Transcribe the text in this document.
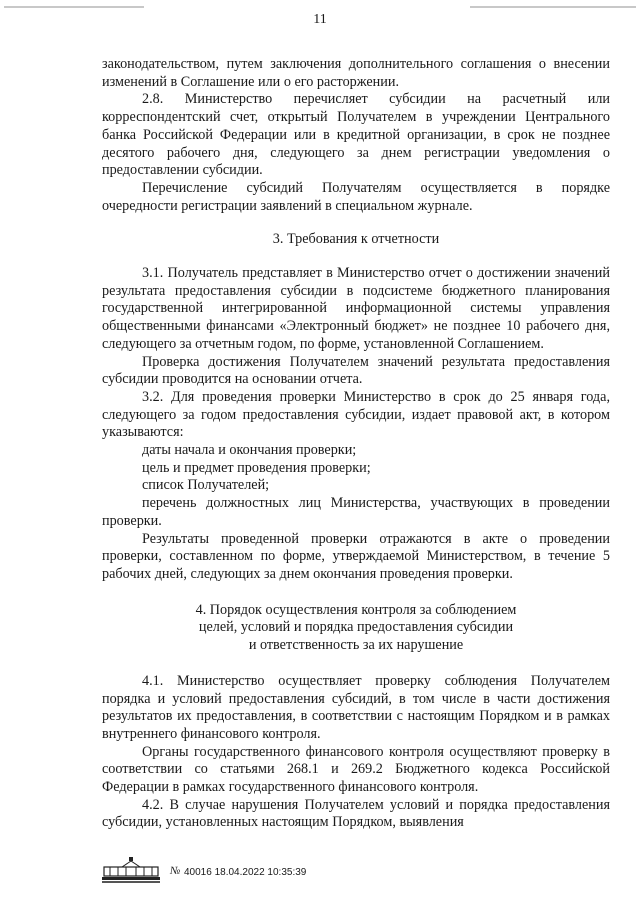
11

законодательством, путем заключения дополнительного соглашения о внесении изменений в Соглашение или о его расторжении.

2.8. Министерство перечисляет субсидии на расчетный или корреспондентский счет, открытый Получателем в учреждении Центрального банка Российской Федерации или в кредитной организации, в срок не позднее десятого рабочего дня, следующего за днем регистрации уведомления о предоставлении субсидии.

Перечисление субсидий Получателям осуществляется в порядке очередности регистрации заявлений в специальном журнале.

3. Требования к отчетности

3.1. Получатель представляет в Министерство отчет о достижении значений результата предоставления субсидии в подсистеме бюджетного планирования государственной интегрированной информационной системы управления общественными финансами «Электронный бюджет» не позднее 10 рабочего дня, следующего за отчетным годом, по форме, установленной Соглашением.

Проверка достижения Получателем значений результата предоставления субсидии проводится на основании отчета.

3.2. Для проведения проверки Министерство в срок до 25 января года, следующего за годом предоставления субсидии, издает правовой акт, в котором указываются:

даты начала и окончания проверки;

цель и предмет проведения проверки;

список Получателей;

перечень должностных лиц Министерства, участвующих в проведении проверки.

Результаты проведенной проверки отражаются в акте о проведении проверки, составленном по форме, утверждаемой Министерством, в течение 5 рабочих дней, следующих за днем окончания проведения проверки.

4. Порядок осуществления контроля за соблюдением

целей, условий и порядка предоставления субсидии

и ответственность за их нарушение

4.1. Министерство осуществляет проверку соблюдения Получателем порядка и условий предоставления субсидий, в том числе в части достижения результатов их предоставления, в соответствии с настоящим Порядком и в рамках внутреннего финансового контроля.

Органы государственного финансового контроля осуществляют проверку в соответствии со статьями 268.1 и 269.2 Бюджетного кодекса Российской Федерации в рамках государственного финансового контроля.

4.2. В случае нарушения Получателем условий и порядка предоставления субсидии, установленных настоящим Порядком, выявления

№ 40016 18.04.2022 10:35:39
